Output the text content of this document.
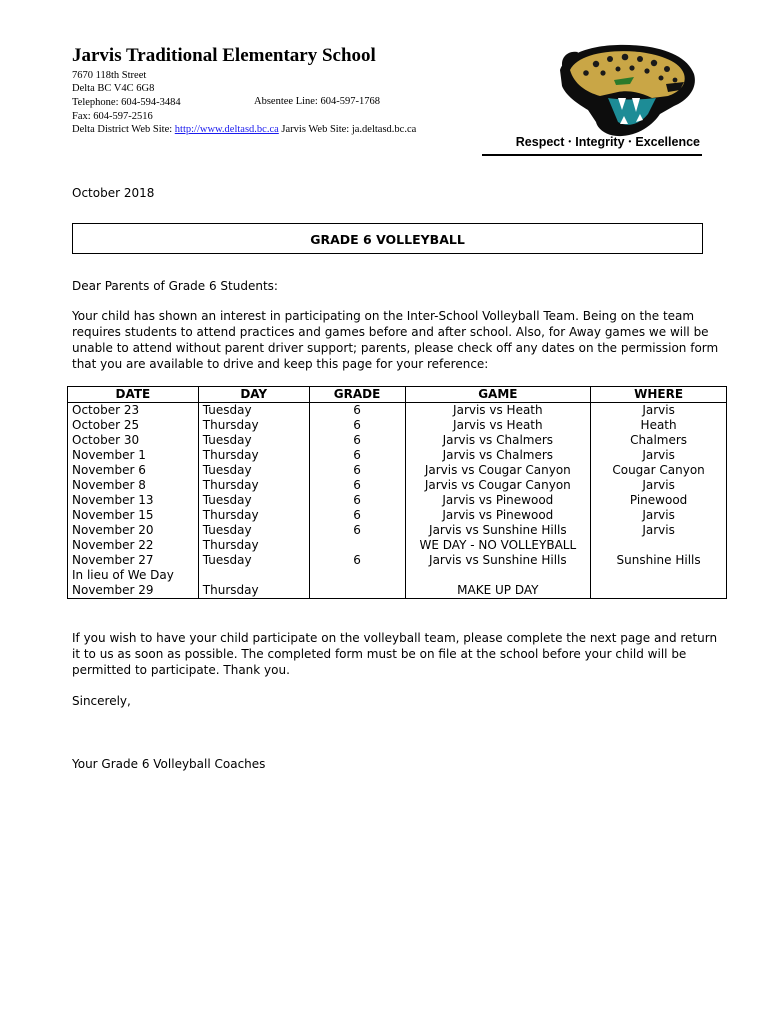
Jarvis Traditional Elementary School
7670 118th Street
Delta BC V4C 6G8
Telephone: 604-594-3484	Absentee Line: 604-597-1768
Fax: 604-597-2516
Delta District Web Site: http://www.deltasd.bc.ca Jarvis Web Site: ja.deltasd.bc.ca
Respect • Integrity • Excellence
October 2018
GRADE 6 VOLLEYBALL
Dear Parents of Grade 6 Students:
Your child has shown an interest in participating on the Inter-School Volleyball Team. Being on the team requires students to attend practices and games before and after school. Also, for Away games we will be unable to attend without parent driver support; parents, please check off any dates on the permission form that you are available to drive and keep this page for your reference:
DATE	DAY	GRADE	GAME	WHERE
October 23	Tuesday	6	Jarvis vs Heath	Jarvis
October 25	Thursday	6	Jarvis vs Heath	Heath
October 30	Tuesday	6	Jarvis vs Chalmers	Chalmers
November 1	Thursday	6	Jarvis vs Chalmers	Jarvis
November 6	Tuesday	6	Jarvis vs Cougar Canyon	Cougar Canyon
November 8	Thursday	6	Jarvis vs Cougar Canyon	Jarvis
November 13	Tuesday	6	Jarvis vs Pinewood	Pinewood
November 15	Thursday	6	Jarvis vs Pinewood	Jarvis
November 20	Tuesday	6	Jarvis vs Sunshine Hills	Jarvis
November 22	Thursday		WE DAY - NO VOLLEYBALL	
November 27	Tuesday	6	Jarvis vs Sunshine Hills	Sunshine Hills
In lieu of We Day				
November 29	Thursday		MAKE UP DAY	
If you wish to have your child participate on the volleyball team, please complete the next page and return it to us as soon as possible. The completed form must be on file at the school before your child will be permitted to participate. Thank you.
Sincerely,
Your Grade 6 Volleyball Coaches
